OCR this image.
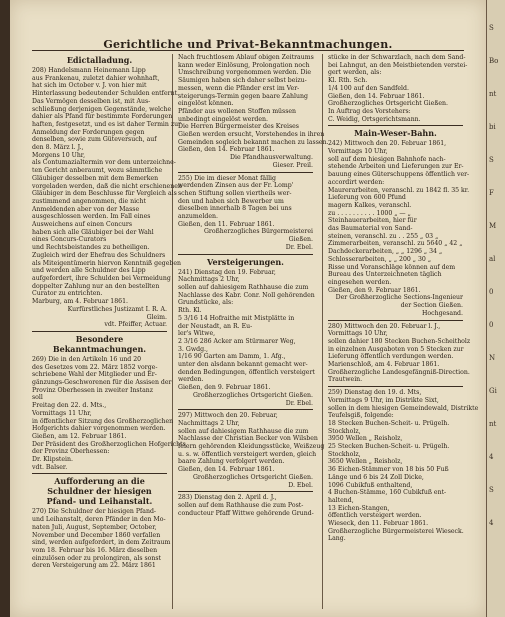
Gerichtliche und Privat-Bekanntmachungen.
Edictalladung.
208) Handelsmann Heinemann Lipp
aus Frankenau, zuletzt dahier wohnhaft,
hat sich im October v. J. von hier mit
Hinterlassung bedeutender Schulden entfernt.
Das Vermögen desselben ist, mit Aus-
schließung derjenigen Gegenstände, welche
dahier als Pfand für bestimmte Forderungen
haften, festgesetzt, und es ist daher Termin zur
Anmeldung der Forderungen gegen
denselben, sowie zum Güteversuch, auf
den 8. März l. J.,
Morgens 10 Uhr,
als Contumazialtermin vor dem unterzeichne-
ten Gericht anberaumt, wozu sämmtliche
Gläubiger desselben mit dem Bemerken
vorgeladen werden, daß die nicht erschienenen
Gläubiger in dem Beschlusse für Vergleich als
zustimmend angenommen, die nicht
Anmeldenden aber von der Masse
ausgeschlossen werden. Im Fall eines
Ausweichens auf einen Concurs
haben sich alle Gläubiger bei der Wahl
eines Concurs-Curators
und Rechtsbeistandes zu betheiligen.
Zugleich wird der Ehefrau des Schuldners
als Miteigentümerin hiervon Kenntniß gegeben
und werden alle Schuldner des Lipp
aufgefordert, ihre Schulden bei Vermeidung
doppelter Zahlung nur an den bestellten
Curator zu entrichten.
Marburg, am 4. Februar 1861.
Kurfürstliches Justizamt I. R. A.
Gleim.
vdt. Pfeiffer, Actuar.
Besondere Bekanntmachungen.
269) Die in den Artikeln 16 und 20
des Gesetzes vom 22. März 1852 vorge-
schriebene Wahl der Mitglieder und Er-
gänzungs-Geschworenen für die Assisen der
Provinz Oberhessen in zweiter Instanz
soll
Freitag den 22. d. Mts.,
Vormittags 11 Uhr,
in öffentlicher Sitzung des Großherzoglichen
Hofgerichts dahier vorgenommen werden.
Gießen, am 12. Februar 1861.
Der Präsident des Großherzoglichen Hofgerichts
der Provinz Oberhessen:
Dr. Klipstein.
vdt. Balser.
Aufforderung an die Schuldner der hiesigen Pfand- und Leihanstalt.
270) Die Schuldner der hiesigen Pfand-
und Leihanstalt, deren Pfänder in den Mo-
naten Juli, August, September, October,
November und December 1860 verfallen
sind, werden aufgefordert, in dem Zeitraum
vom 18. Februar bis 16. März dieselben
einzulösen oder zu prolongiren, als sonst
deren Versteigerung am 22. März 1861
Nach fruchtlosem Ablauf obigen Zeitraums
kann weder Einlösung, Prolongation noch
Umschreibung vorgenommen werden. Die
Säumigen haben sich daher selbst beizu-
messen, wenn die Pfänder erst im Ver-
steigerungs-Termin gegen baare Zahlung
eingelöst können.
Pfänder aus wollenen Stoffen müssen
unbedingt eingelöst werden.
Die Herren Bürgermeister des Kreises
Gießen werden ersucht, Vorstehendes in ihren
Gemeinden sogleich bekannt machen zu lassen.
Gießen, den 14. Februar 1861.
Die Pfandhausverwaltung.
Gieser. Preil.
255) Die im dieser Monat fällig
werdenden Zinsen aus der Fr. Lomp'
schen Stiftung sollen viertheils wer-
den und haben sich Bewerber um
dieselben innerhalb 8 Tagen bei uns
anzumelden.
Gießen, den 11. Februar 1861.
Großherzogliches Bürgermeisterei
Gießen.
Dr. Ebel.
Versteigerungen.
241) Dienstag den 19. Februar,
Nachmittags 2 Uhr,
sollen auf dahiesigem Rathhause die zum
Nachlasse des Kabr. Conr. Noll gehörenden
Grundstücke, als:
Rth. Kl.
5 3/16 14 Hofraithe mit Mistplätte in
der Neustadt, an R. Eu-
ler's Witwe,
2 3/16 286 Acker am Stürmarer Weg,
3. Gwdg.,
1/16 90 Garten am Damm, 1. Afg.,
unter den alsdann bekannt gemacht wer-
denden Bedingungen, öffentlich versteigert
werden.
Gießen, den 9. Februar 1861.
Großherzogliches Ortsgericht Gießen.
Dr. Ebel.
297) Mittwoch den 20. Februar,
Nachmittags 2 Uhr,
sollen auf dahiesigem Rathhause die zum
Nachlasse der Christian Becker von Wilsben
feiern gehörenden Kleidungsstücke, Weißzeug
u. s. w. öffentlich versteigert werden, gleich
baare Zahlung verfolgert werden.
Gießen, den 14. Februar 1861.
Großherzogliches Ortsgericht Gießen.
D. Ebel.
283) Dienstag den 2. April d. J.,
sollen auf dem Rathhause die zum Post-
conducteur Pfaff Wittwe gehörende Grund-
stücke in der Schwarzlach, nach dem Sand-
bei Lahngut, an den Meistbietenden verstei-
gert werden, als:
Kl. Rth. Sch.
1/4 100 auf den Sandfeld.
Gießen, den 14. Februar 1861.
Großherzogliches Ortsgericht Gießen.
In Auftrag des Vorstehers:
C. Weidig, Ortsgerichtsmann.
Main-Weser-Bahn.
242) Mittwoch den 20. Februar 1861,
Vormittags 10 Uhr,
soll auf dem hiesigen Bahnhofe nach-
stehende Arbeiten und Lieferungen zur Er-
bauung eines Güterschuppens öffentlich ver-
accordirt werden:
Maurerarbeiten, veranschl. zu 1842 fl. 35 kr.
Lieferung von 600 Pfund
magern Kalkes, veranschl.
zu . . . . . . . . . . 1000 „ — „
Steinhauerarbeiten, hier für
das Baumaterial von Sand-
steinen, veranschl. zu . . 255 „ 03 „
Zimmerarbeiten, veranschl. zu 5640 „ 42 „
Dachdeckerarbeiten, „ „ 1296 „ 34 „
Schlosserarbeiten, „ „ 200 „ 30 „
Risse und Voranschläge können auf dem
Bureau des Unterzeichneten täglich
eingesehen werden.
Gießen, den 9. Februar 1861.
Der Großherzogliche Sections-Ingenieur
der Section Gießen.
Hochgesand.
280) Mittwoch den 20. Februar l. J.,
Vormittags 10 Uhr,
sollen dahier 180 Stecken Buchen-Scheitholz
in einzelnen Ausgaboten von 5 Stecken zur
Lieferung öffentlich verdungen werden.
Marienschloß, am 4. Februar 1861.
Großherzogliche Landesgefängniß-Direction.
Trautwein.
259) Dienstag den 19. d. Mts,
Vormittags 9 Uhr, im Distrikte Sixt,
sollen in dem hiesigen Gemeindewald, Distrikte
Teufelsgiß, folgende:
18 Stecken Buchen-Scheit- u. Prügelh.
Stockholz,
3950 Wellen „ Reisholz,
25 Stecken Buchen-Scheit- u. Prügelh.
Stockholz,
3650 Wellen „ Reisholz,
36 Eichen-Stämmer von 18 bis 50 Fuß
Länge und 6 bis 24 Zoll Dicke,
1096 Cubikfuß enthaltend,
4 Buchen-Stämme, 160 Cubikfuß ent-
haltend,
13 Eichen-Stangen,
öffentlich versteigert werden.
Wieseck, den 11. Februar 1861.
Großherzogliche Bürgermeisterei Wieseck.
Lang.
S
Bo
nt
bi
S
F
M
al
0
0
N
Gi
nt
4
S
4
